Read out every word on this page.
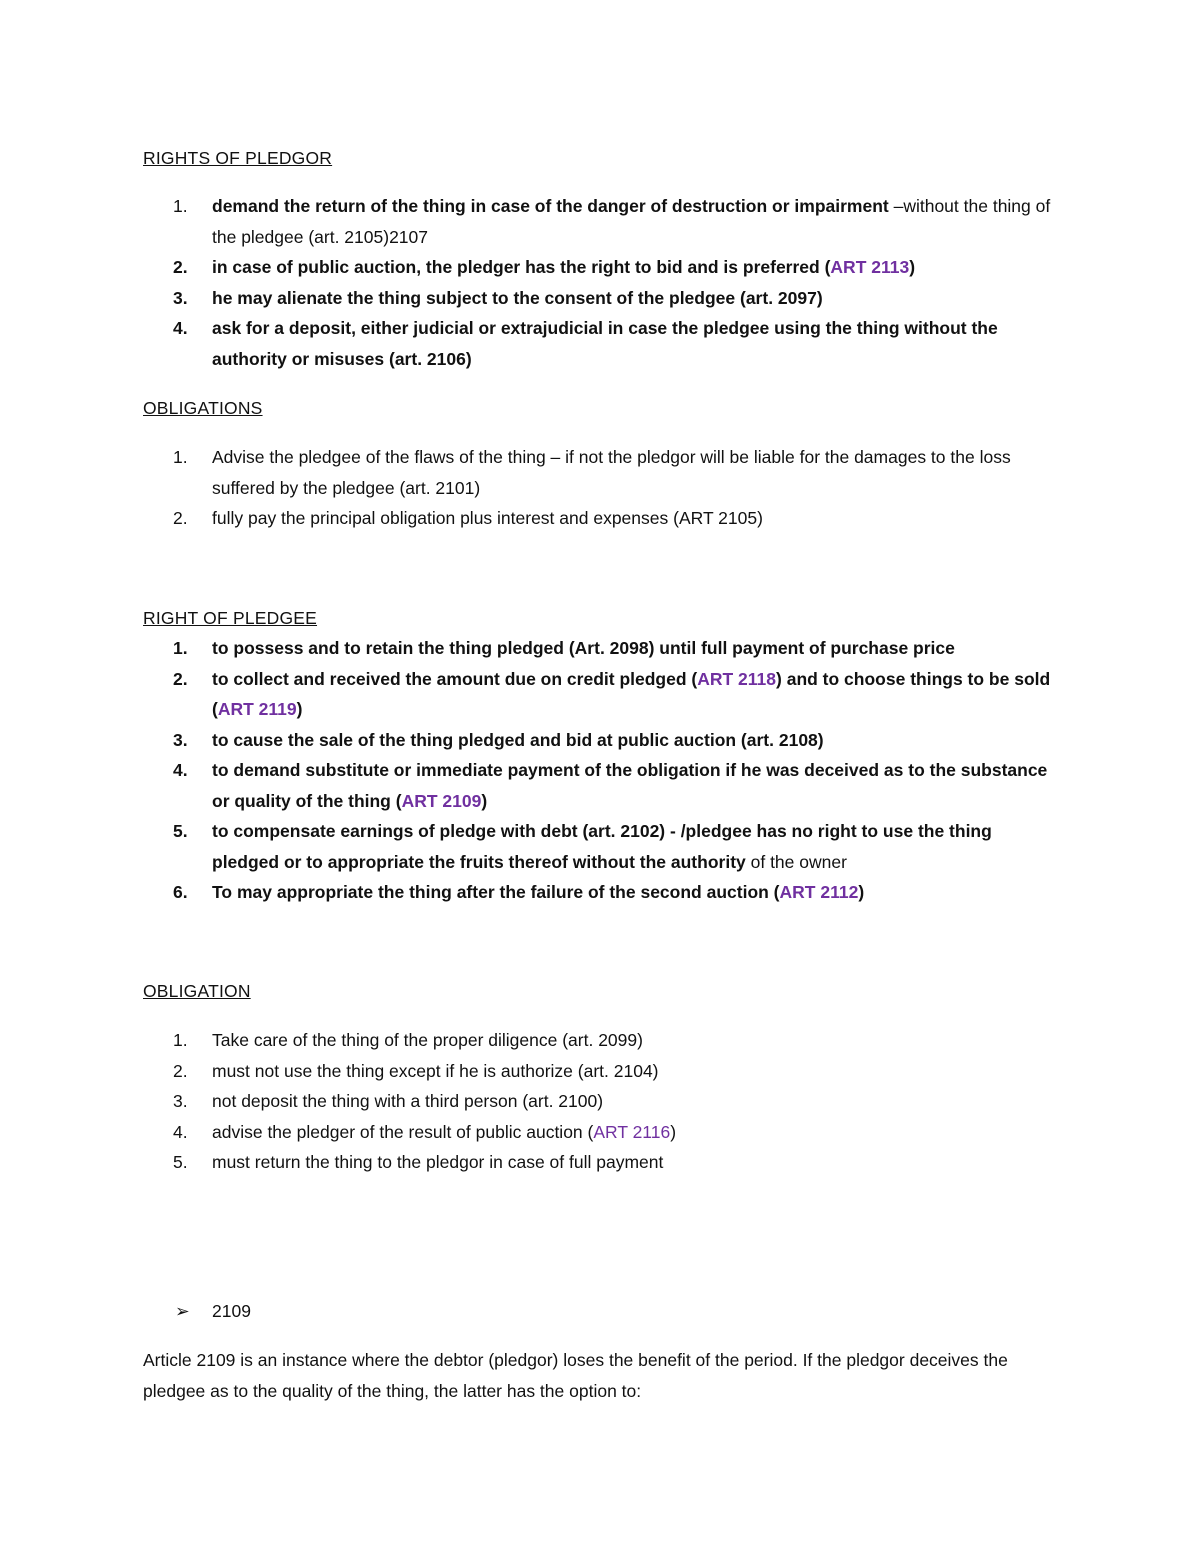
RIGHTS OF PLEDGOR
1. demand the return of the thing in case of the danger of destruction or impairment –without the thing of the pledgee (art. 2105)2107
2. in case of public auction, the pledger has the right to bid and is preferred (ART 2113)
3. he may alienate the thing subject to the consent of the pledgee (art. 2097)
4. ask for a deposit, either judicial or extrajudicial in case the pledgee using the thing without the authority or misuses (art. 2106)
OBLIGATIONS
1. Advise the pledgee of the flaws of the thing – if not the pledgor will be liable for the damages to the loss suffered by the pledgee (art. 2101)
2. fully pay the principal obligation plus interest and expenses (ART 2105)
RIGHT OF PLEDGEE
1. to possess and to retain the thing pledged (Art. 2098) until full payment of purchase price
2. to collect and received the amount due on credit pledged (ART 2118) and to choose things to be sold (ART 2119)
3. to cause the sale of the thing pledged and bid at public auction (art. 2108)
4. to demand substitute or immediate payment of the obligation if he was deceived as to the substance or quality of the thing (ART 2109)
5. to compensate earnings of pledge with debt (art. 2102) - /pledgee has no right to use the thing pledged or to appropriate the fruits thereof without the authority of the owner
6. To may appropriate the thing after the failure of the second auction (ART 2112)
OBLIGATION
1. Take care of the thing of the proper diligence (art. 2099)
2. must not use the thing except if he is authorize (art. 2104)
3. not deposit the thing with a third person (art. 2100)
4. advise the pledger of the result of public auction (ART 2116)
5. must return the thing to the pledgor in case of full payment
➢ 2109
Article 2109 is an instance where the debtor (pledgor) loses the benefit of the period. If the pledgor deceives the pledgee as to the quality of the thing, the latter has the option to:
